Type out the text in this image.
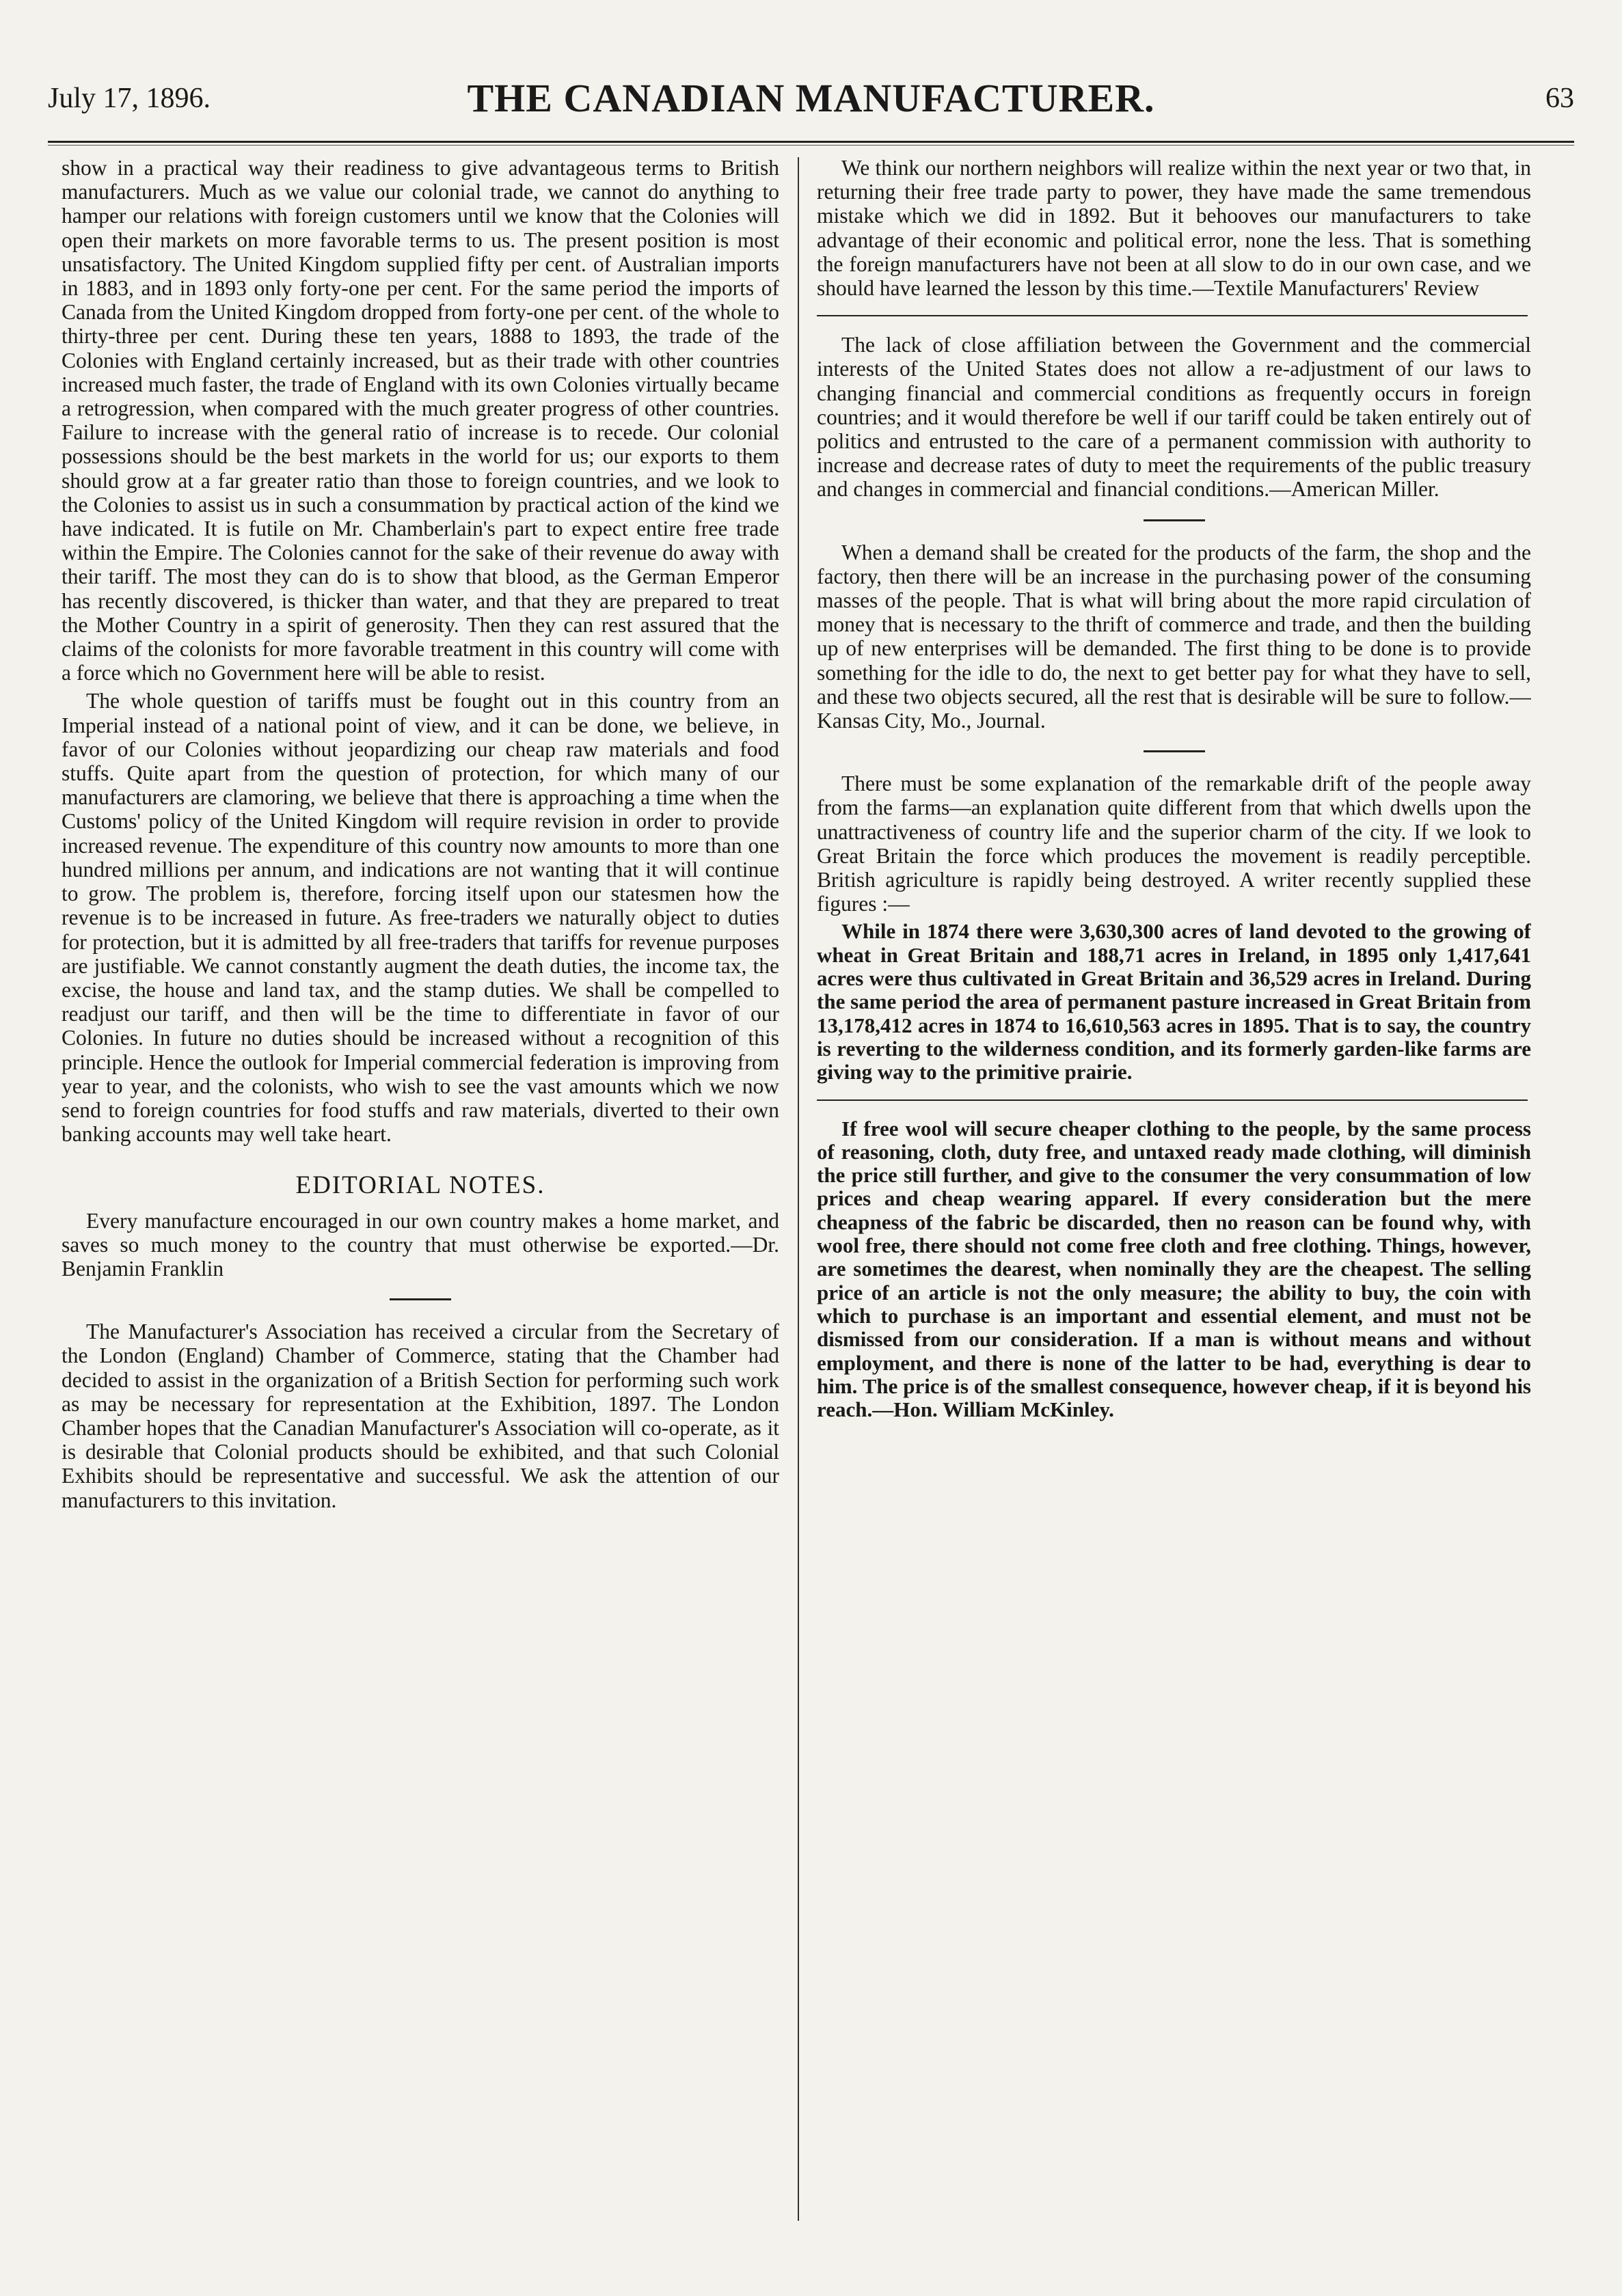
July 17, 1896.	THE CANADIAN MANUFACTURER.	63

show in a practical way their readiness to give advantageous terms to British manufacturers. Much as we value our colonial trade, we cannot do anything to hamper our relations with foreign customers until we know that the Colonies will open their markets on more favorable terms to us. The present position is most unsatisfactory. The United Kingdom supplied fifty per cent. of Australian imports in 1883, and in 1893 only forty-one per cent. For the same period the imports of Canada from the United Kingdom dropped from forty-one per cent. of the whole to thirty-three per cent. During these ten years, 1888 to 1893, the trade of the Colonies with England certainly increased, but as their trade with other countries increased much faster, the trade of England with its own Colonies virtually became a retrogression, when compared with the much greater progress of other countries. Failure to increase with the general ratio of increase is to recede. Our colonial possessions should be the best markets in the world for us; our exports to them should grow at a far greater ratio than those to foreign countries, and we look to the Colonies to assist us in such a consummation by practical action of the kind we have indicated. It is futile on Mr. Chamberlain's part to expect entire free trade within the Empire. The Colonies cannot for the sake of their revenue do away with their tariff. The most they can do is to show that blood, as the German Emperor has recently discovered, is thicker than water, and that they are prepared to treat the Mother Country in a spirit of generosity. Then they can rest assured that the claims of the colonists for more favorable treatment in this country will come with a force which no Government here will be able to resist.

The whole question of tariffs must be fought out in this country from an Imperial instead of a national point of view, and it can be done, we believe, in favor of our Colonies without jeopardizing our cheap raw materials and food stuffs. Quite apart from the question of protection, for which many of our manufacturers are clamoring, we believe that there is approaching a time when the Customs' policy of the United Kingdom will require revision in order to provide increased revenue. The expenditure of this country now amounts to more than one hundred millions per annum, and indications are not wanting that it will continue to grow. The problem is, therefore, forcing itself upon our statesmen how the revenue is to be increased in future. As free-traders we naturally object to duties for protection, but it is admitted by all free-traders that tariffs for revenue purposes are justifiable. We cannot constantly augment the death duties, the income tax, the excise, the house and land tax, and the stamp duties. We shall be compelled to readjust our tariff, and then will be the time to differentiate in favor of our Colonies. In future no duties should be increased without a recognition of this principle. Hence the outlook for Imperial commercial federation is improving from year to year, and the colonists, who wish to see the vast amounts which we now send to foreign countries for food stuffs and raw materials, diverted to their own banking accounts may well take heart.

EDITORIAL NOTES.

Every manufacture encouraged in our own country makes a home market, and saves so much money to the country that must otherwise be exported.—Dr. Benjamin Franklin

The Manufacturer's Association has received a circular from the Secretary of the London (England) Chamber of Commerce, stating that the Chamber had decided to assist in the organization of a British Section for performing such work as may be necessary for representation at the Exhibition, 1897. The London Chamber hopes that the Canadian Manufacturer's Association will co-operate, as it is desirable that Colonial products should be exhibited, and that such Colonial Exhibits should be representative and successful. We ask the attention of our manufacturers to this invitation.

We think our northern neighbors will realize within the next year or two that, in returning their free trade party to power, they have made the same tremendous mistake which we did in 1892. But it behooves our manufacturers to take advantage of their economic and political error, none the less. That is something the foreign manufacturers have not been at all slow to do in our own case, and we should have learned the lesson by this time.—Textile Manufacturers' Review

The lack of close affiliation between the Government and the commercial interests of the United States does not allow a re-adjustment of our laws to changing financial and commercial conditions as frequently occurs in foreign countries; and it would therefore be well if our tariff could be taken entirely out of politics and entrusted to the care of a permanent commission with authority to increase and decrease rates of duty to meet the requirements of the public treasury and changes in commercial and financial conditions.—American Miller.

When a demand shall be created for the products of the farm, the shop and the factory, then there will be an increase in the purchasing power of the consuming masses of the people. That is what will bring about the more rapid circulation of money that is necessary to the thrift of commerce and trade, and then the building up of new enterprises will be demanded. The first thing to be done is to provide something for the idle to do, the next to get better pay for what they have to sell, and these two objects secured, all the rest that is desirable will be sure to follow.—Kansas City, Mo., Journal.

There must be some explanation of the remarkable drift of the people away from the farms—an explanation quite different from that which dwells upon the unattractiveness of country life and the superior charm of the city. If we look to Great Britain the force which produces the movement is readily perceptible. British agriculture is rapidly being destroyed. A writer recently supplied these figures :—

While in 1874 there were 3,630,300 acres of land devoted to the growing of wheat in Great Britain and 188,71 acres in Ireland, in 1895 only 1,417,641 acres were thus cultivated in Great Britain and 36,529 acres in Ireland. During the same period the area of permanent pasture increased in Great Britain from 13,178,412 acres in 1874 to 16,610,563 acres in 1895. That is to say, the country is reverting to the wilderness condition, and its formerly garden-like farms are giving way to the primitive prairie.

If free wool will secure cheaper clothing to the people, by the same process of reasoning, cloth, duty free, and untaxed ready made clothing, will diminish the price still further, and give to the consumer the very consummation of low prices and cheap wearing apparel. If every consideration but the mere cheapness of the fabric be discarded, then no reason can be found why, with wool free, there should not come free cloth and free clothing. Things, however, are sometimes the dearest, when nominally they are the cheapest. The selling price of an article is not the only measure; the ability to buy, the coin with which to purchase is an important and essential element, and must not be dismissed from our consideration. If a man is without means and without employment, and there is none of the latter to be had, everything is dear to him. The price is of the smallest consequence, however cheap, if it is beyond his reach.—Hon. William McKinley.
